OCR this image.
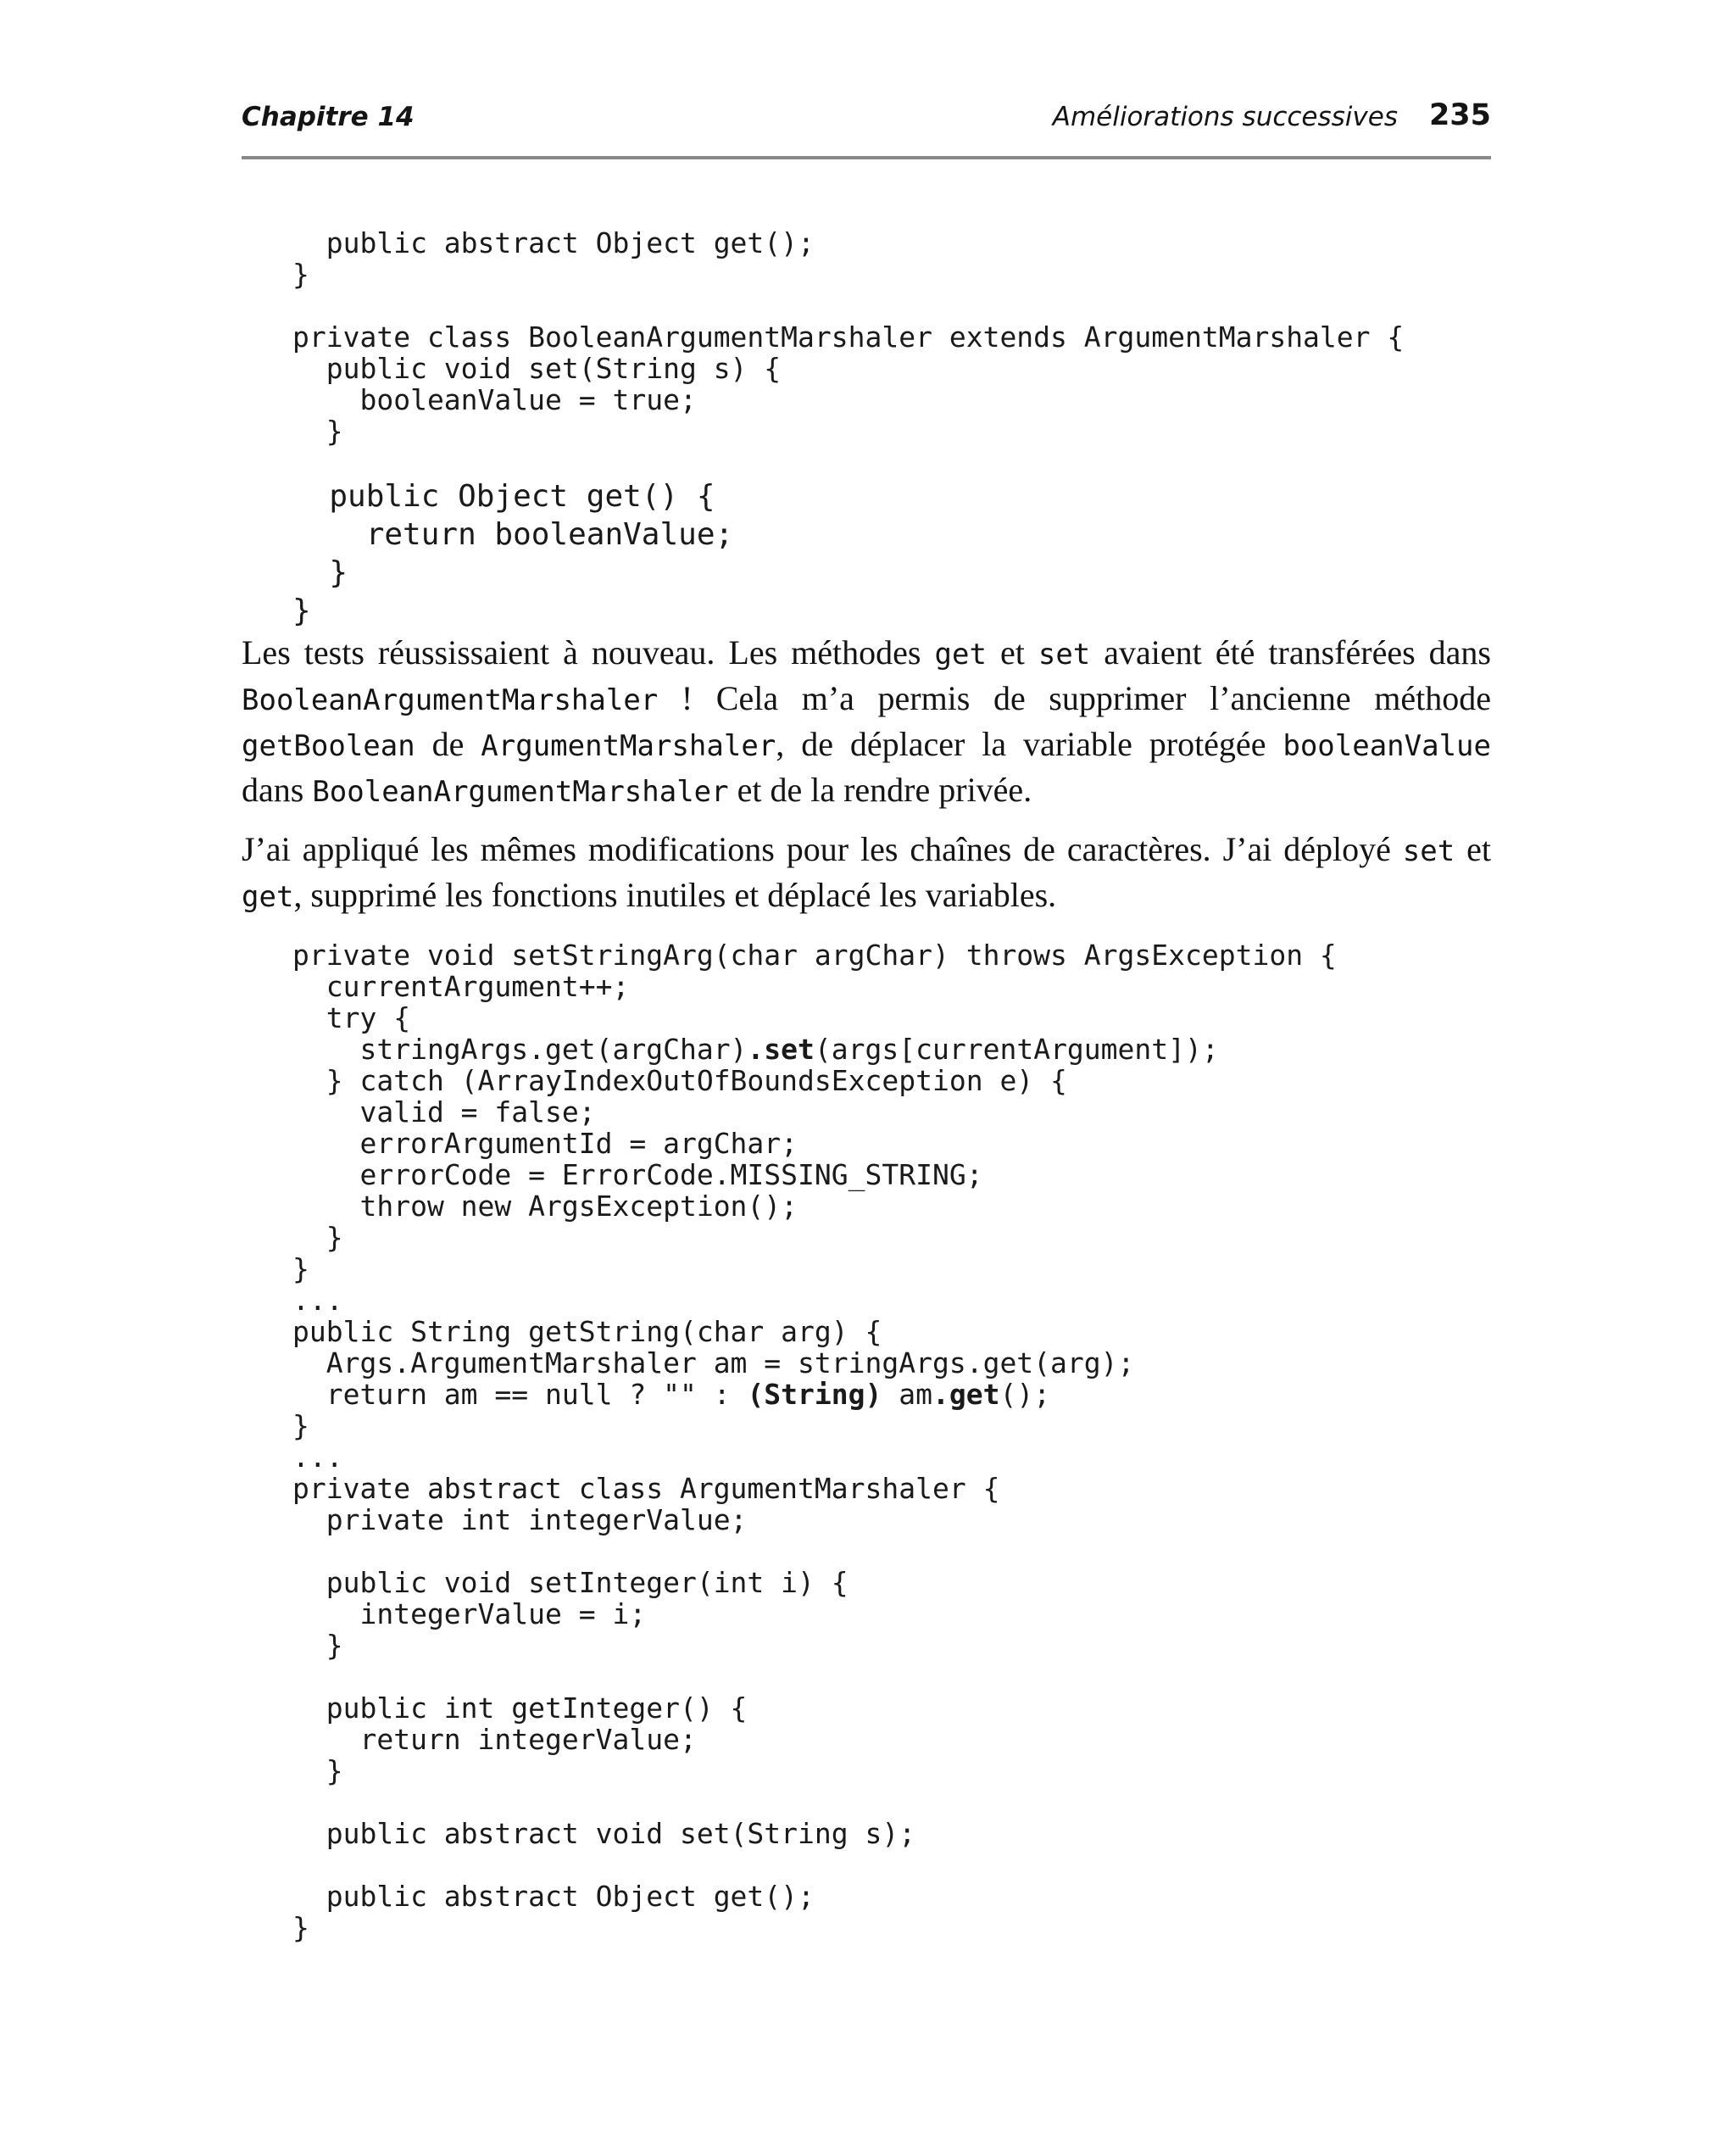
Chapitre 14	Améliorations successives 235
public abstract Object get();
}
private class BooleanArgumentMarshaler extends ArgumentMarshaler {
public void set(String s) {
booleanValue = true;
}
public Object get() {
return booleanValue;
}
}

Les tests réussissaient à nouveau. Les méthodes get et set avaient été transférées dans BooleanArgumentMarshaler ! Cela m’a permis de supprimer l’ancienne méthode getBoolean de ArgumentMarshaler, de déplacer la variable protégée booleanValue dans BooleanArgumentMarshaler et de la rendre privée.

J’ai appliqué les mêmes modifications pour les chaînes de caractères. J’ai déployé set et get, supprimé les fonctions inutiles et déplacé les variables.

private void setStringArg(char argChar) throws ArgsException {
currentArgument++;
try {
stringArgs.get(argChar).set(args[currentArgument]);
} catch (ArrayIndexOutOfBoundsException e) {
valid = false;
errorArgumentId = argChar;
errorCode = ErrorCode.MISSING_STRING;
throw new ArgsException();
}
}
...
public String getString(char arg) {
Args.ArgumentMarshaler am = stringArgs.get(arg);
return am == null ? "" : (String) am.get();
}
...
private abstract class ArgumentMarshaler {
private int integerValue;
public void setInteger(int i) {
integerValue = i;
}
public int getInteger() {
return integerValue;
}
public abstract void set(String s);
public abstract Object get();
}
